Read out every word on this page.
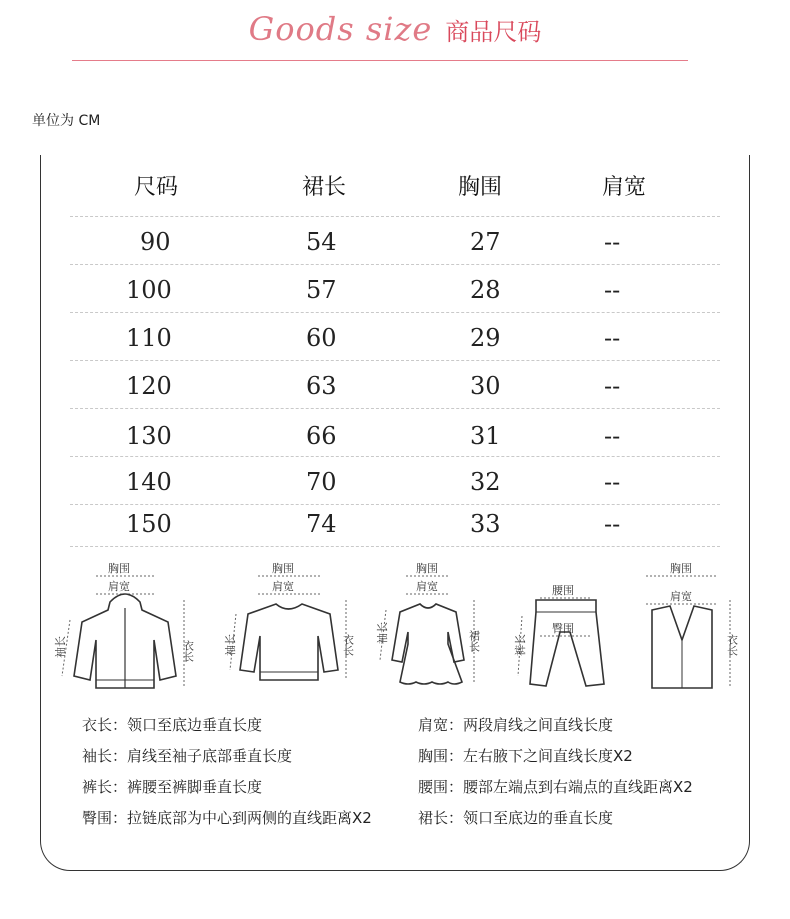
Goods size 商品尺码
单位为 CM
尺码	裙长	胸围	肩宽
90	54	27	--
100	57	28	--
110	60	29	--
120	63	30	--
130	66	31	--
140	70	32	--
150	74	33	--
胸围
肩宽
袖长	衣长
胸围
肩宽
袖长	衣长
胸围
肩宽
袖长	裙长
腰围
臀围
裤长
胸围
肩宽
衣长
衣长：领口至底边垂直长度
袖长：肩线至袖子底部垂直长度
裤长：裤腰至裤脚垂直长度
臀围：拉链底部为中心到两侧的直线距离X2
肩宽：两段肩线之间直线长度
胸围：左右腋下之间直线长度X2
腰围：腰部左端点到右端点的直线距离X2
裙长：领口至底边的垂直长度
